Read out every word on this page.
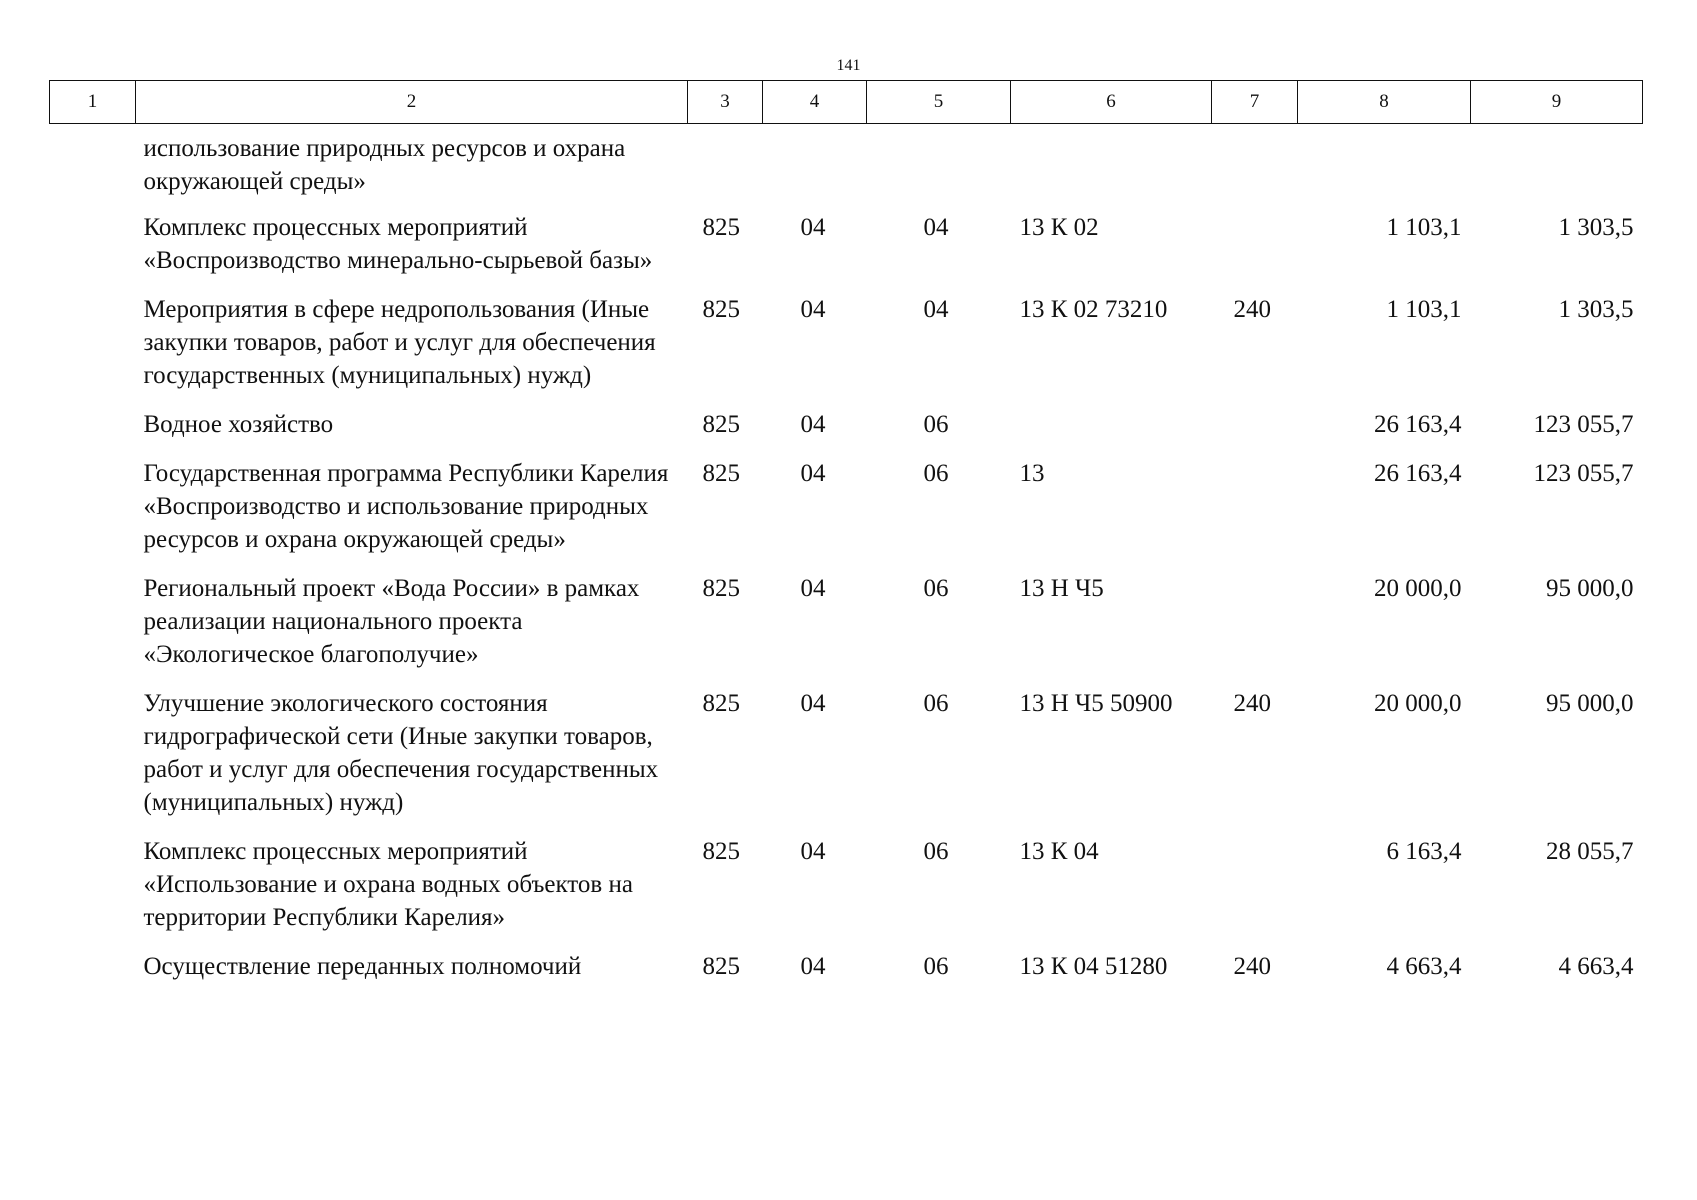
141
1	2	3	4	5	6	7	8	9
	использование природных ресурсов и охрана окружающей среды»							
	Комплекс процессных мероприятий «Воспроизводство минерально-сырьевой базы»	825	04	04	13 К 02		1 103,1	1 303,5
	Мероприятия в сфере недропользования (Иные закупки товаров, работ и услуг для обеспечения государственных (муниципальных) нужд)	825	04	04	13 К 02 73210	240	1 103,1	1 303,5
	Водное хозяйство	825	04	06			26 163,4	123 055,7
	Государственная программа Республики Карелия «Воспроизводство и использование природных ресурсов и охрана окружающей среды»	825	04	06	13		26 163,4	123 055,7
	Региональный проект «Вода России» в рамках реализации национального проекта «Экологическое благополучие»	825	04	06	13 Н Ч5		20 000,0	95 000,0
	Улучшение экологического состояния гидрографической сети (Иные закупки товаров, работ и услуг для обеспечения государственных (муниципальных) нужд)	825	04	06	13 Н Ч5 50900	240	20 000,0	95 000,0
	Комплекс процессных мероприятий «Использование и охрана водных объектов на территории Республики Карелия»	825	04	06	13 К 04		6 163,4	28 055,7
	Осуществление переданных полномочий	825	04	06	13 К 04 51280	240	4 663,4	4 663,4
